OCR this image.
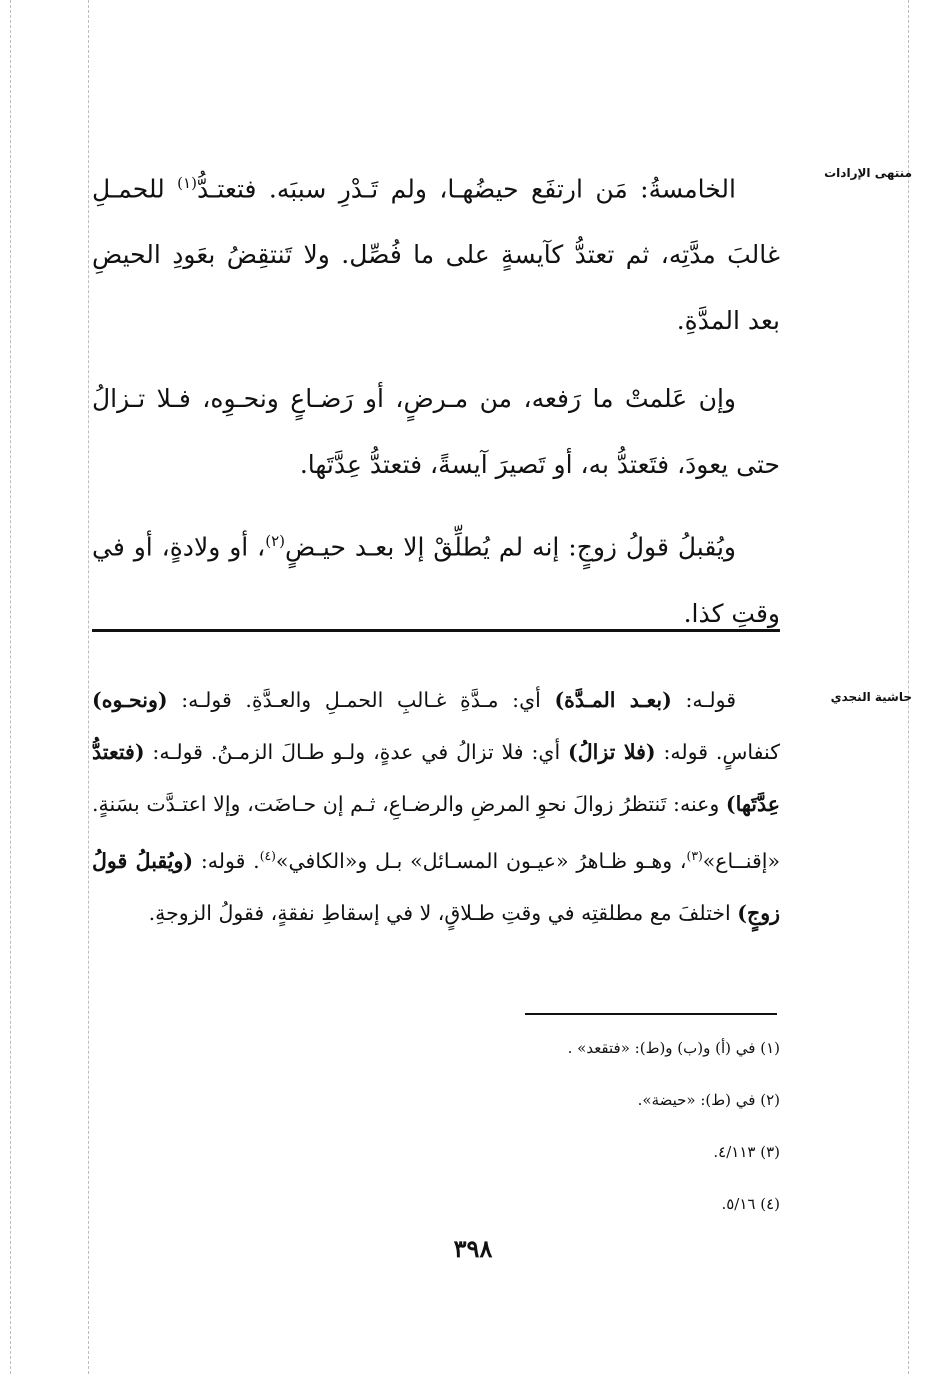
منتهى الإرادات

الخامسةُ: مَن ارتفَع حيضُهـا، ولم تَـدْرِ سببَه. فتعتـدُّ$^{(١)}$ للحمـلِ غالبَ مدَّتِه، ثم تعتدُّ كآيسةٍ على ما فُصِّل. ولا تَنتقِضُ بعَودِ الحيضِ بعد المدَّةِ.

وإن عَلمتْ ما رَفعه، من مـرضٍ، أو رَضـاعٍ ونحـوِه، فـلا تـزالُ حتى يعودَ، فتَعتدُّ به، أو تَصيرَ آيسةً، فتعتدُّ عِدَّتَها.

ويُقبلُ قولُ زوجٍ: إنه لم يُطلِّقْ إلا بعـد حيـضٍ$^{(٢)}$، أو ولادةٍ، أو في وقتِ كذا.

حاشية النجدي

قولـه: (بعـد المـدَّة) أي: مـدَّةِ غـالبِ الحمـلِ والعـدَّةِ. قولـه: (ونحـوه) كنفاسٍ. قوله: (فلا تزالُ) أي: فلا تزالُ في عدةٍ، ولـو طـالَ الزمـنُ. قولـه: (فتعتدُّ عِدَّتَها) وعنه: تَنتظرُ زوالَ نحوِ المرضِ والرضـاعِ، ثـم إن حـاضَت، وإلا اعتـدَّت بسَنةٍ. «إقنــاع»$^{(٣)}$، وهـو ظـاهرُ «عيـون المسـائل» بـل و«الكافي»$^{(٤)}$. قوله: (ويُقبلُ قولُ زوجٍ) اختلفَ مع مطلقتِه في وقتِ طـلاقٍ، لا في إسقاطِ نفقةٍ، فقولُ الزوجةِ.

(١) في (أ) و(ب) و(ط): «فتقعد» .
(٢) في (ط): «حيضة».
(٣) ٤/١١٣.
(٤) ٥/١٦.
٣٩٨
